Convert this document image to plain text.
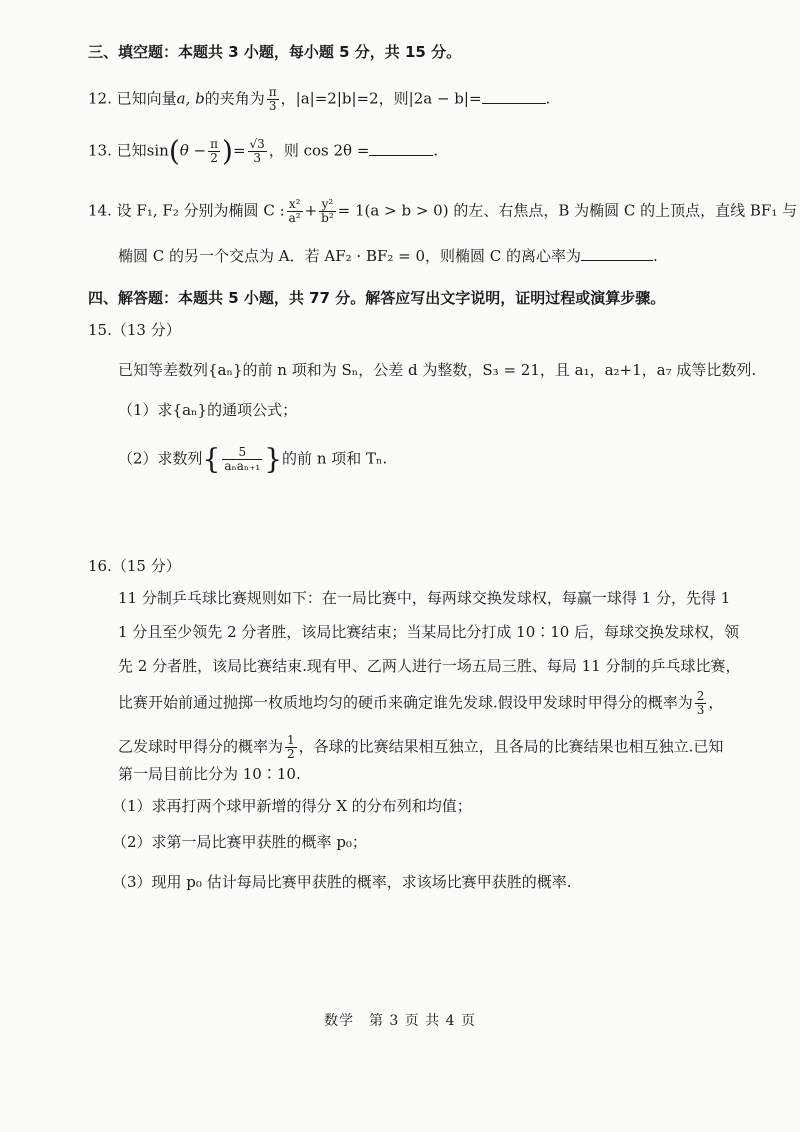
三、填空题：本题共 3 小题，每小题 5 分，共 15 分。
12. 已知向量a, b的夹角为 $\frac{\pi}{3}$ ，|a|=2|b|=2，则|2a − b|=	.
13. 已知$\sin(\theta - \frac{\pi}{2}$ )= $\frac{√3}{3}$ ，则 cos 2θ =	.
14. 设 F₁, F₂ 分别为椭圆 C : $\frac{\text{x²}}{\text{a²}} + \frac{\text{y²}}{\text{b²}} = 1(a > b > 0)$ 的左、右焦点，B 为椭圆 C 的上顶点，直线 BF₁ 与
椭圆 C 的另一个交点为 A．若 AF₂ · BF₂ = 0，则椭圆 C 的离心率为	.
四、解答题：本题共 5 小题，共 77 分。解答应写出文字说明，证明过程或演算步骤。
15.（13 分）
已知等差数列{aₙ}的前 n 项和为 Sₙ，公差 d 为整数，S₃ = 21，且 a₁，a₂+1，a₇ 成等比数列.
（1）求{aₙ}的通项公式；
（2）求数列{ $\frac{5}{\text{aₙaₙ₊₁}}$ }的前 n 项和 Tₙ.
16.（15 分）
11 分制乒乓球比赛规则如下：在一局比赛中，每两球交换发球权，每赢一球得 1 分，先得 1
1 分且至少领先 2 分者胜，该局比赛结束；当某局比分打成 10∶10 后，每球交换发球权，领
先 2 分者胜，该局比赛结束.现有甲、乙两人进行一场五局三胜、每局 11 分制的乒乓球比赛，
比赛开始前通过抛掷一枚质地均匀的硬币来确定谁先发球.假设甲发球时甲得分的概率为 $\frac{2}{3}$ ，
乙发球时甲得分的概率为 $\frac{1}{2}$ ，各球的比赛结果相互独立，且各局的比赛结果也相互独立.已知
第一局目前比分为 10∶10.
（1）求再打两个球甲新增的得分 X 的分布列和均值；
（2）求第一局比赛甲获胜的概率 p₀；
（3）现用 p₀ 估计每局比赛甲获胜的概率，求该场比赛甲获胜的概率.
数学　第 3 页 共 4 页
